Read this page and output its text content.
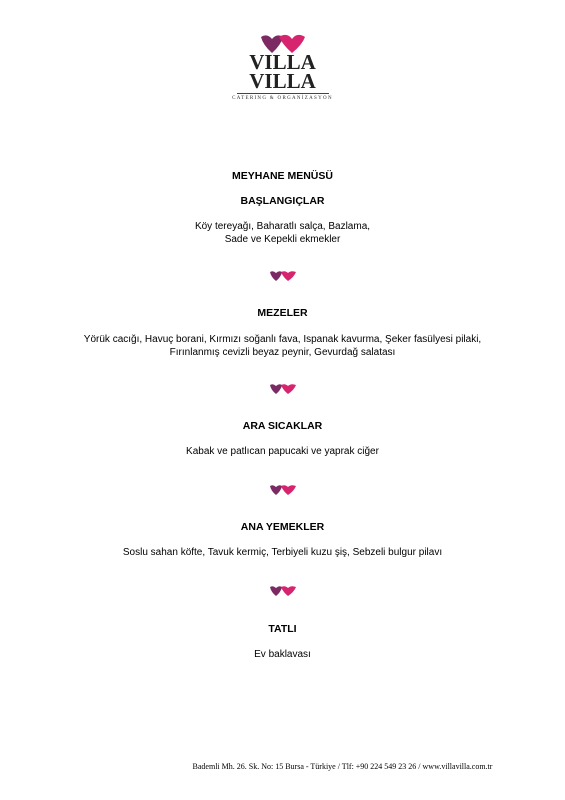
VILLA
VILLA
CATERING & ORGANİZASYON
MEYHANE MENÜSÜ
BAŞLANGIÇLAR
Köy tereyağı, Baharatlı salça, Bazlama,
Sade ve Kepekli ekmekler
MEZELER
Yörük cacığı, Havuç borani, Kırmızı soğanlı fava, Ispanak kavurma, Şeker fasülyesi pilaki,
Fırınlanmış cevizli beyaz peynir, Gevurdağ salatası
ARA SICAKLAR
Kabak ve patlıcan papucaki ve yaprak ciğer
ANA YEMEKLER
Soslu sahan köfte, Tavuk kermiç, Terbiyeli kuzu şiş, Sebzeli bulgur pilavı
TATLI
Ev baklavası
Bademli Mh. 26. Sk. No: 15 Bursa - Türkiye / Tlf: +90 224 549 23 26 / www.villavilla.com.tr
